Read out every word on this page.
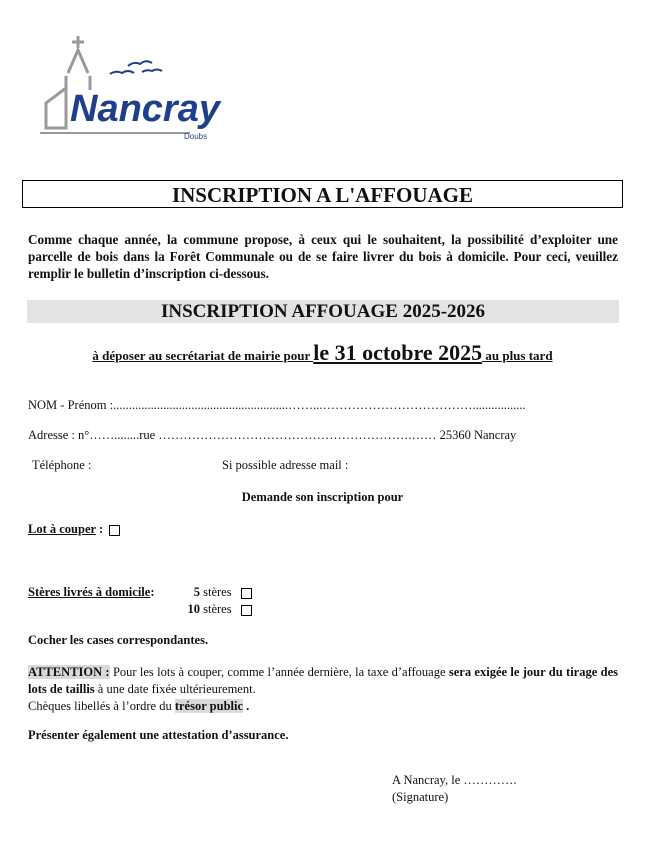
Nancray
Doubs
INSCRIPTION A L'AFFOUAGE
Comme chaque année, la commune propose, à ceux qui le souhaitent, la possibilité d’exploiter une parcelle de bois dans la Forêt Communale ou de se faire livrer du bois à domicile. Pour ceci, veuillez remplir le bulletin d’inscription ci-dessous.
INSCRIPTION AFFOUAGE 2025-2026
à déposer au secrétariat de mairie pour le 31 octobre 2025 au plus tard
NOM - Prénom :........................................................……...……………………………….................
Adresse : n°……........rue …………………………………………………….…… 25360 Nancray
Téléphone :	Si possible adresse mail :
Demande son inscription pour
Lot à couper :
Stères livrés à domicile:	5 stères
10 stères
Cocher les cases correspondantes.
ATTENTION : Pour les lots à couper, comme l’année dernière, la taxe d’affouage sera exigée le jour du tirage des lots de taillis à une date fixée ultérieurement.
Chèques libellés à l’ordre du trésor public .
Présenter également une attestation d’assurance.
A Nancray, le ………….
(Signature)
